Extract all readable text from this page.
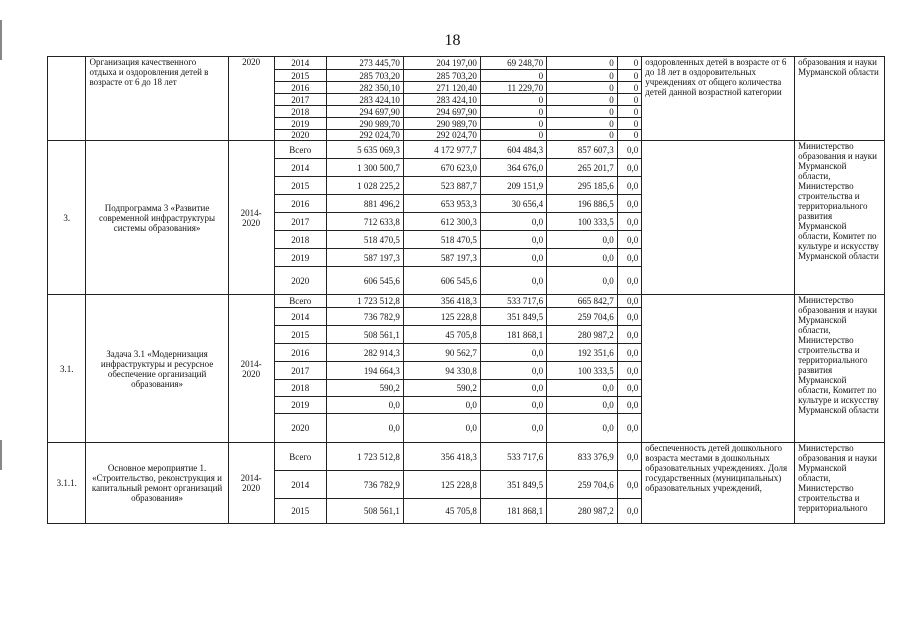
18
	Организация качественного отдыха и оздоровления детей в возрасте от 6 до 18 лет	2020	2014	273 445,70	204 197,00	69 248,70	0	0	оздоровленных детей в возрасте от 6 до 18 лет в оздоровительных учреждениях от общего количества детей данной возрастной категории	образования и науки Мурманской области
			2015	285 703,20	285 703,20	0	0	0		
			2016	282 350,10	271 120,40	11 229,70	0	0		
			2017	283 424,10	283 424,10	0	0	0		
			2018	294 697,90	294 697,90	0	0	0		
			2019	290 989,70	290 989,70	0	0	0		
			2020	292 024,70	292 024,70	0	0	0		
3.	Подпрограмма 3 «Развитие современной инфраструктуры системы образования»	2014-2020	Всего	5 635 069,3	4 172 977,7	604 484,3	857 607,3	0,0		Министерство образования и науки Мурманской области, Министерство строительства и территориального развития Мурманской области, Комитет по культуре и искусству Мурманской области
			2014	1 300 500,7	670 623,0	364 676,0	265 201,7	0,0		
			2015	1 028 225,2	523 887,7	209 151,9	295 185,6	0,0		
			2016	881 496,2	653 953,3	30 656,4	196 886,5	0,0		
			2017	712 633,8	612 300,3	0,0	100 333,5	0,0		
			2018	518 470,5	518 470,5	0,0	0,0	0,0		
			2019	587 197,3	587 197,3	0,0	0,0	0,0		
			2020	606 545,6	606 545,6	0,0	0,0	0,0		
3.1.	Задача 3.1 «Модернизация инфраструктуры и ресурсное обеспечение организаций образования»	2014-2020	Всего	1 723 512,8	356 418,3	533 717,6	665 842,7	0,0		Министерство образования и науки Мурманской области, Министерство строительства и территориального развития Мурманской области, Комитет по культуре и искусству Мурманской области
			2014	736 782,9	125 228,8	351 849,5	259 704,6	0,0		
			2015	508 561,1	45 705,8	181 868,1	280 987,2	0,0		
			2016	282 914,3	90 562,7	0,0	192 351,6	0,0		
			2017	194 664,3	94 330,8	0,0	100 333,5	0,0		
			2018	590,2	590,2	0,0	0,0	0,0		
			2019	0,0	0,0	0,0	0,0	0,0		
			2020	0,0	0,0	0,0	0,0	0,0		
3.1.1.	Основное мероприятие 1. «Строительство, реконструкция и капитальный ремонт организаций образования»	2014-2020	Всего	1 723 512,8	356 418,3	533 717,6	833 376,9	0,0	обеспеченность детей дошкольного возраста местами в дошкольных образовательных учреждениях. Доля государственных (муниципальных) образовательных учреждений,	Министерство образования и науки Мурманской области, Министерство строительства и территориального
			2014	736 782,9	125 228,8	351 849,5	259 704,6	0,0		
			2015	508 561,1	45 705,8	181 868,1	280 987,2	0,0		
